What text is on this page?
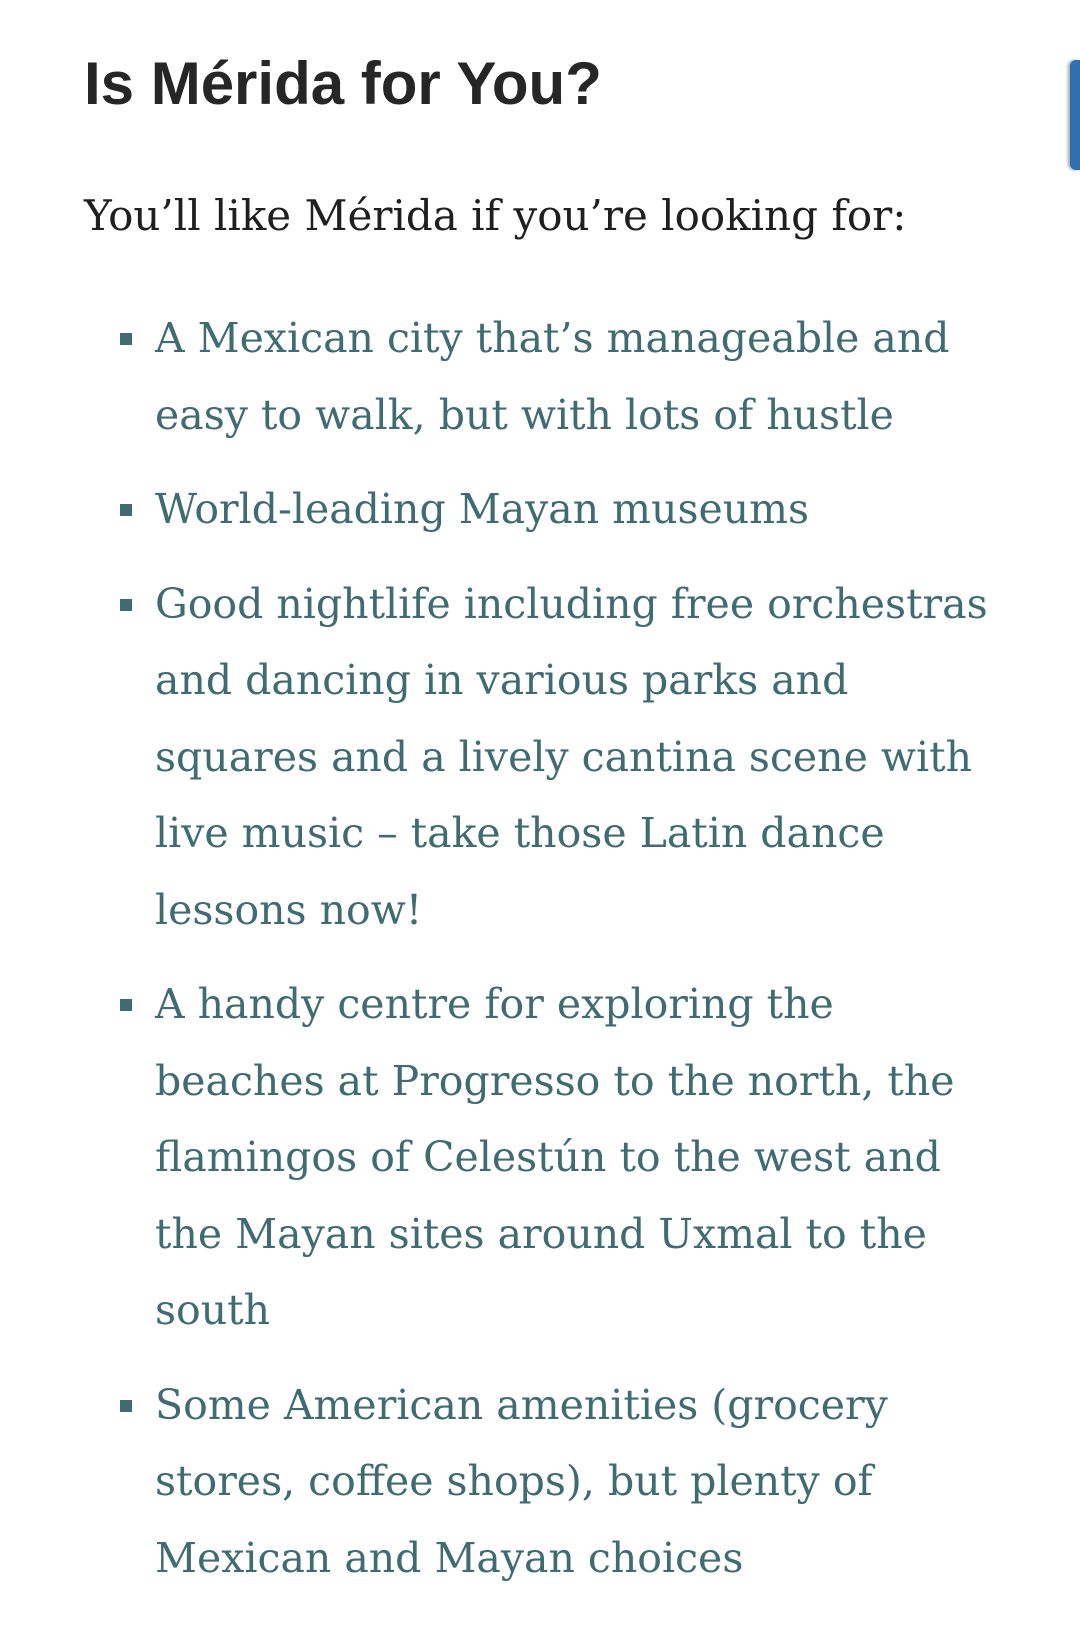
Is Mérida for You?

You’ll like Mérida if you’re looking for:

A Mexican city that’s manageable and easy to walk, but with lots of hustle
World-leading Mayan museums
Good nightlife including free orchestras and dancing in various parks and squares and a lively cantina scene with live music – take those Latin dance lessons now!
A handy centre for exploring the beaches at Progresso to the north, the flamingos of Celestún to the west and the Mayan sites around Uxmal to the south
Some American amenities (grocery stores, coffee shops), but plenty of Mexican and Mayan choices
